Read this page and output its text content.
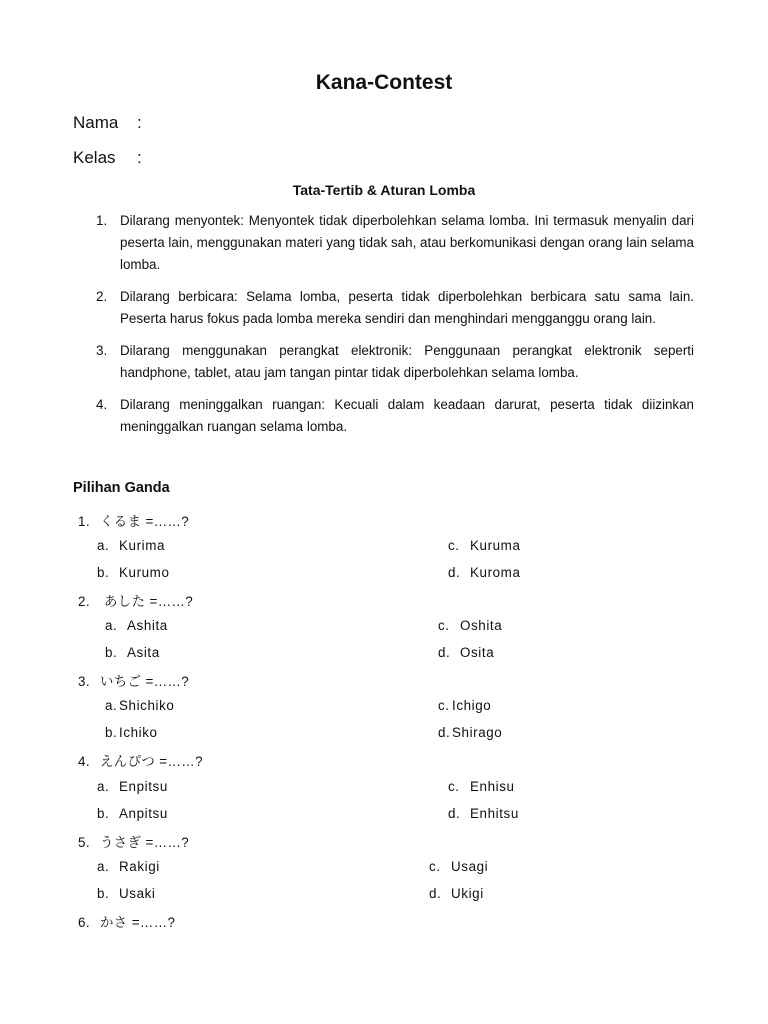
Kana-Contest
Nama :
Kelas :
Tata-Tertib & Aturan Lomba
1. Dilarang menyontek: Menyontek tidak diperbolehkan selama lomba. Ini termasuk menyalin dari peserta lain, menggunakan materi yang tidak sah, atau berkomunikasi dengan orang lain selama lomba.
2. Dilarang berbicara: Selama lomba, peserta tidak diperbolehkan berbicara satu sama lain. Peserta harus fokus pada lomba mereka sendiri dan menghindari mengganggu orang lain.
3. Dilarang menggunakan perangkat elektronik: Penggunaan perangkat elektronik seperti handphone, tablet, atau jam tangan pintar tidak diperbolehkan selama lomba.
4. Dilarang meninggalkan ruangan: Kecuali dalam keadaan darurat, peserta tidak diizinkan meninggalkan ruangan selama lomba.
Pilihan Ganda
1. くるま =……?
a. Kurima
b. Kurumo
c. Kuruma
d. Kuroma
2. あした =……?
a. Ashita
b. Asita
c. Oshita
d. Osita
3. いちご =……?
a. Shichiko
b. Ichiko
c. Ichigo
d. Shirago
4. えんぴつ =……?
a. Enpitsu
b. Anpitsu
c. Enhisu
d. Enhitsu
5. うさぎ =……?
a. Rakigi
b. Usaki
c. Usagi
d. Ukigi
6. かさ =……?
